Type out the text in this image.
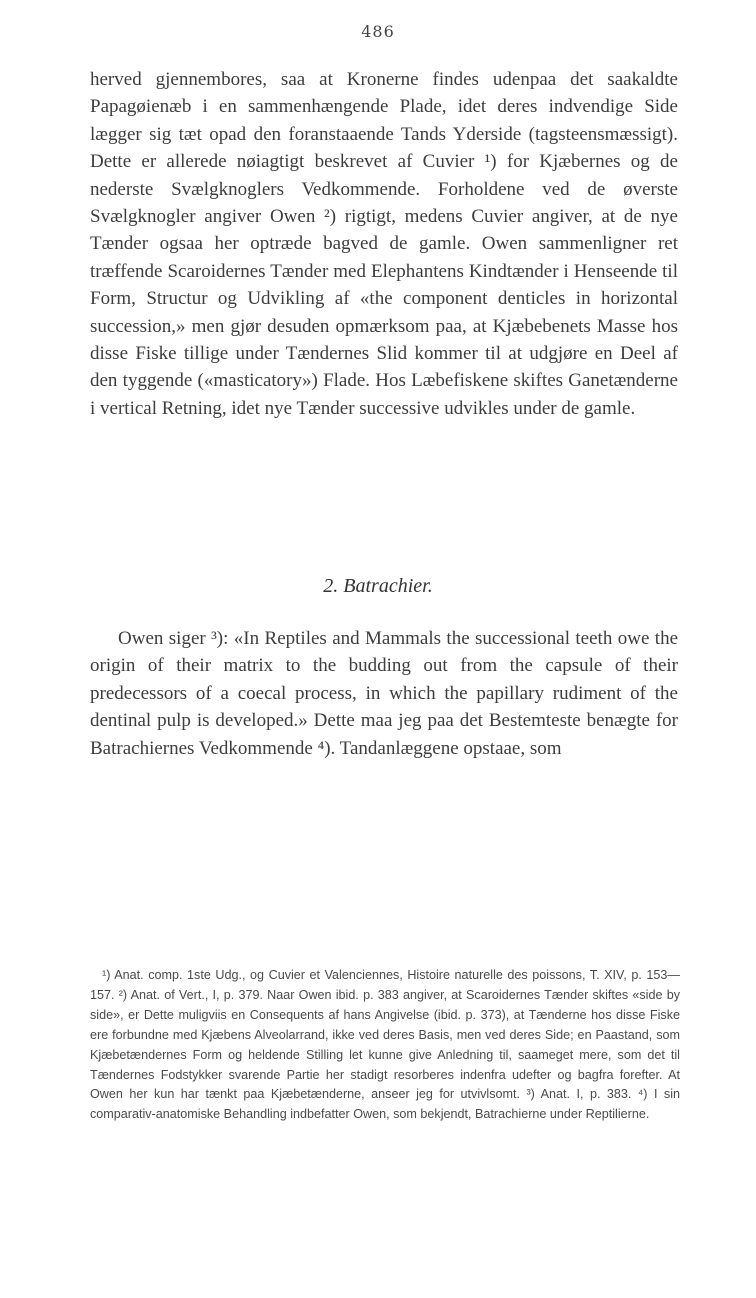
486

herved gjennembores, saa at Kronerne findes udenpaa det saakaldte Papagøienæb i en sammenhængende Plade, idet deres indvendige Side lægger sig tæt opad den foranstaaende Tands Yderside (tagsteensmæssigt). Dette er allerede nøiagtigt beskrevet af Cuvier ¹) for Kjæbernes og de nederste Svælgknoglers Vedkommende. Forholdene ved de øverste Svælgknogler angiver Owen ²) rigtigt, medens Cuvier angiver, at de nye Tænder ogsaa her optræde bagved de gamle. Owen sammenligner ret træffende Scaroidernes Tænder med Elephantens Kindtænder i Henseende til Form, Structur og Udvikling af «the component denticles in horizontal succession,» men gjør desuden opmærksom paa, at Kjæbebenets Masse hos disse Fiske tillige under Tændernes Slid kommer til at udgjøre en Deel af den tyggende («masticatory») Flade. Hos Læbefiskene skiftes Ganetænderne i vertical Retning, idet nye Tænder successive udvikles under de gamle.

2. Batrachier.

Owen siger ³): «In Reptiles and Mammals the successional teeth owe the origin of their matrix to the budding out from the capsule of their predecessors of a coecal process, in which the papillary rudiment of the dentinal pulp is developed.» Dette maa jeg paa det Bestemteste benægte for Batrachiernes Vedkommende ⁴). Tandanlæggene opstaae, som

¹) Anat. comp. 1ste Udg., og Cuvier et Valenciennes, Histoire naturelle des poissons, T. XIV, p. 153—157. ²) Anat. of Vert., I, p. 379. Naar Owen ibid. p. 383 angiver, at Scaroidernes Tænder skiftes «side by side», er Dette muligviis en Consequents af hans Angivelse (ibid. p. 373), at Tænderne hos disse Fiske ere forbundne med Kjæbens Alveolarrand, ikke ved deres Basis, men ved deres Side; en Paastand, som Kjæbetændernes Form og heldende Stilling let kunne give Anledning til, saameget mere, som det til Tændernes Fodstykker svarende Partie her stadigt resorberes indenfra udefter og bagfra forefter. At Owen her kun har tænkt paa Kjæbetænderne, anseer jeg for utvivlsomt. ³) Anat. I, p. 383. ⁴) I sin comparativ-anatomiske Behandling indbefatter Owen, som bekjendt, Batrachierne under Reptilierne.
